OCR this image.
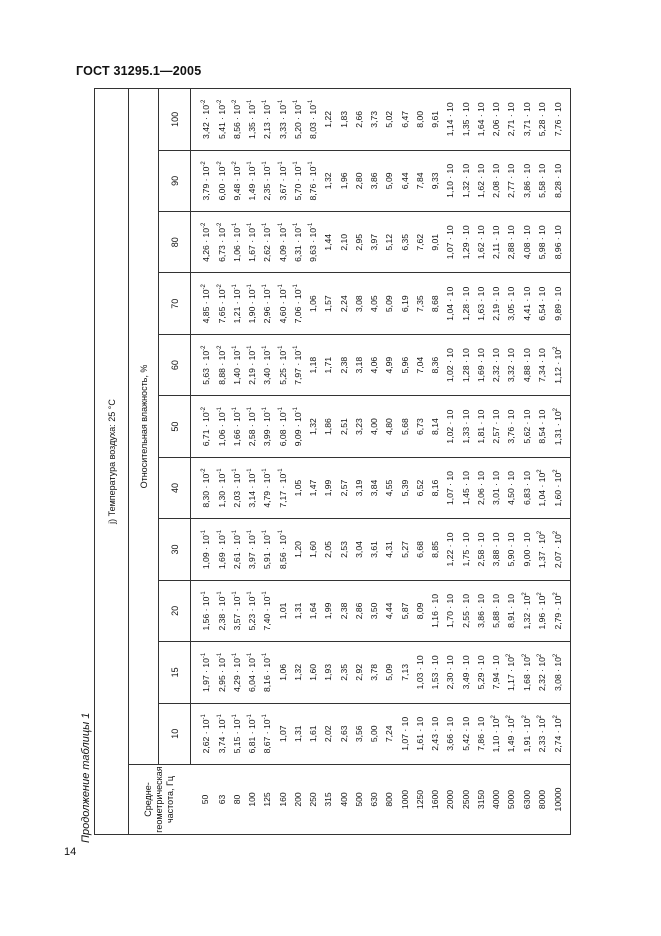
ГОСТ 31295.1—2005
Продолжение таблицы 1
j) Температура воздуха: 25 °С											
Средне-геометрическая частота, Гц	Относительная влажность, %										
	10	15	20	30	40	50	60	70	80	90	100
50	$2,62 \cdot 10^{-1}$	$1,97 \cdot 10^{-1}$	$1,56 \cdot 10^{-1}$	$1,09 \cdot 10^{-1}$	$8,30 \cdot 10^{-2}$	$6,71 \cdot 10^{-2}$	$5,63 \cdot 10^{-2}$	$4,85 \cdot 10^{-2}$	$4,26 \cdot 10^{-2}$	$3,79 \cdot 10^{-2}$	$3,42 \cdot 10^{-2}$
63	$3,74 \cdot 10^{-1}$	$2,95 \cdot 10^{-1}$	$2,38 \cdot 10^{-1}$	$1,69 \cdot 10^{-1}$	$1,30 \cdot 10^{-1}$	$1,06 \cdot 10^{-1}$	$8,88 \cdot 10^{-2}$	$7,65 \cdot 10^{-2}$	$6,73 \cdot 10^{-2}$	$6,00 \cdot 10^{-2}$	$5,41 \cdot 10^{-2}$
80	$5,15 \cdot 10^{-1}$	$4,29 \cdot 10^{-1}$	$3,57 \cdot 10^{-1}$	$2,61 \cdot 10^{-1}$	$2,03 \cdot 10^{-1}$	$1,66 \cdot 10^{-1}$	$1,40 \cdot 10^{-1}$	$1,21 \cdot 10^{-1}$	$1,06 \cdot 10^{-1}$	$9,48 \cdot 10^{-2}$	$8,56 \cdot 10^{-2}$
100	$6,81 \cdot 10^{-1}$	$6,04 \cdot 10^{-1}$	$5,23 \cdot 10^{-1}$	$3,97 \cdot 10^{-1}$	$3,14 \cdot 10^{-1}$	$2,58 \cdot 10^{-1}$	$2,19 \cdot 10^{-1}$	$1,90 \cdot 10^{-1}$	$1,67 \cdot 10^{-1}$	$1,49 \cdot 10^{-1}$	$1,35 \cdot 10^{-1}$
125	$8,67 \cdot 10^{-1}$	$8,16 \cdot 10^{-1}$	$7,40 \cdot 10^{-1}$	$5,91 \cdot 10^{-1}$	$4,79 \cdot 10^{-1}$	$3,99 \cdot 10^{-1}$	$3,40 \cdot 10^{-1}$	$2,96 \cdot 10^{-1}$	$2,62 \cdot 10^{-1}$	$2,35 \cdot 10^{-1}$	$2,13 \cdot 10^{-1}$
160	1,07	1,06	1,01	$8,56 \cdot 10^{-1}$	$7,17 \cdot 10^{-1}$	$6,08 \cdot 10^{-1}$	$5,25 \cdot 10^{-1}$	$4,60 \cdot 10^{-1}$	$4,09 \cdot 10^{-1}$	$3,67 \cdot 10^{-1}$	$3,33 \cdot 10^{-1}$
200	1,31	1,32	1,31	1,20	1,05	$9,09 \cdot 10^{-1}$	$7,97 \cdot 10^{-1}$	$7,06 \cdot 10^{-1}$	$6,31 \cdot 10^{-1}$	$5,70 \cdot 10^{-1}$	$5,20 \cdot 10^{-1}$
250	1,61	1,60	1,64	1,60	1,47	1,32	1,18	1,06	$9,63 \cdot 10^{-1}$	$8,76 \cdot 10^{-1}$	$8,03 \cdot 10^{-1}$
315	2,02	1,93	1,99	2,05	1,99	1,86	1,71	1,57	1,44	1,32	1,22
400	2,63	2,35	2,38	2,53	2,57	2,51	2,38	2,24	2,10	1,96	1,83
500	3,56	2,92	2,86	3,04	3,19	3,23	3,18	3,08	2,95	2,80	2,66
630	5,00	3,78	3,50	3,61	3,84	4,00	4,06	4,05	3,97	3,86	3,73
800	7,24	5,09	4,44	4,31	4,55	4,80	4,99	5,09	5,12	5,09	5,02
1000	1,07 · 10	7,13	5,87	5,27	5,39	5,68	5,96	6,19	6,35	6,44	6,47
1250	1,61 · 10	1,03 · 10	8,09	6,68	6,52	6,73	7,04	7,35	7,62	7,84	8,00
1600	2,43 · 10	1,53 · 10	1,16 · 10	8,85	8,16	8,14	8,36	8,68	9,01	9,33	9,61
2000	3,66 · 10	2,30 · 10	1,70 · 10	1,22 · 10	1,07 · 10	1,02 · 10	1,02 · 10	1,04 · 10	1,07 · 10	1,10 · 10	1,14 · 10
2500	5,42 · 10	3,49 · 10	2,55 · 10	1,75 · 10	1,45 · 10	1,33 · 10	1,28 · 10	1,28 · 10	1,29 · 10	1,32 · 10	1,35 · 10
3150	7,86 · 10	5,29 · 10	3,86 · 10	2,58 · 10	2,06 · 10	1,81 · 10	1,69 · 10	1,63 · 10	1,62 · 10	1,62 · 10	1,64 · 10
4000	$1,10 \cdot 10^2$	7,94 · 10	5,88 · 10	3,88 · 10	3,01 · 10	2,57 · 10	2,32 · 10	2,19 · 10	2,11 · 10	2,08 · 10	2,06 · 10
5000	$1,49 \cdot 10^2$	$1,17 \cdot 10^2$	8,91 · 10	5,90 · 10	4,50 · 10	3,76 · 10	3,32 · 10	3,05 · 10	2,88 · 10	2,77 · 10	2,71 · 10
6300	$1,91 \cdot 10^2$	$1,68 \cdot 10^2$	$1,32 \cdot 10^2$	9,00 · 10	6,83 · 10	5,62 · 10	4,88 · 10	4,41 · 10	4,08 · 10	3,86 · 10	3,71 · 10
8000	$2,33 \cdot 10^2$	$2,32 \cdot 10^2$	$1,96 \cdot 10^2$	$1,37 \cdot 10^2$	$1,04 \cdot 10^2$	8,54 · 10	7,34 · 10	6,54 · 10	5,98 · 10	5,58 · 10	5,28 · 10
10000	$2,74 \cdot 10^2$	$3,08 \cdot 10^2$	$2,79 \cdot 10^2$	$2,07 \cdot 10^2$	$1,60 \cdot 10^2$	$1,31 \cdot 10^2$	$1,12 \cdot 10^2$	9,89 · 10	8,96 · 10	8,28 · 10	7,76 · 10
14
